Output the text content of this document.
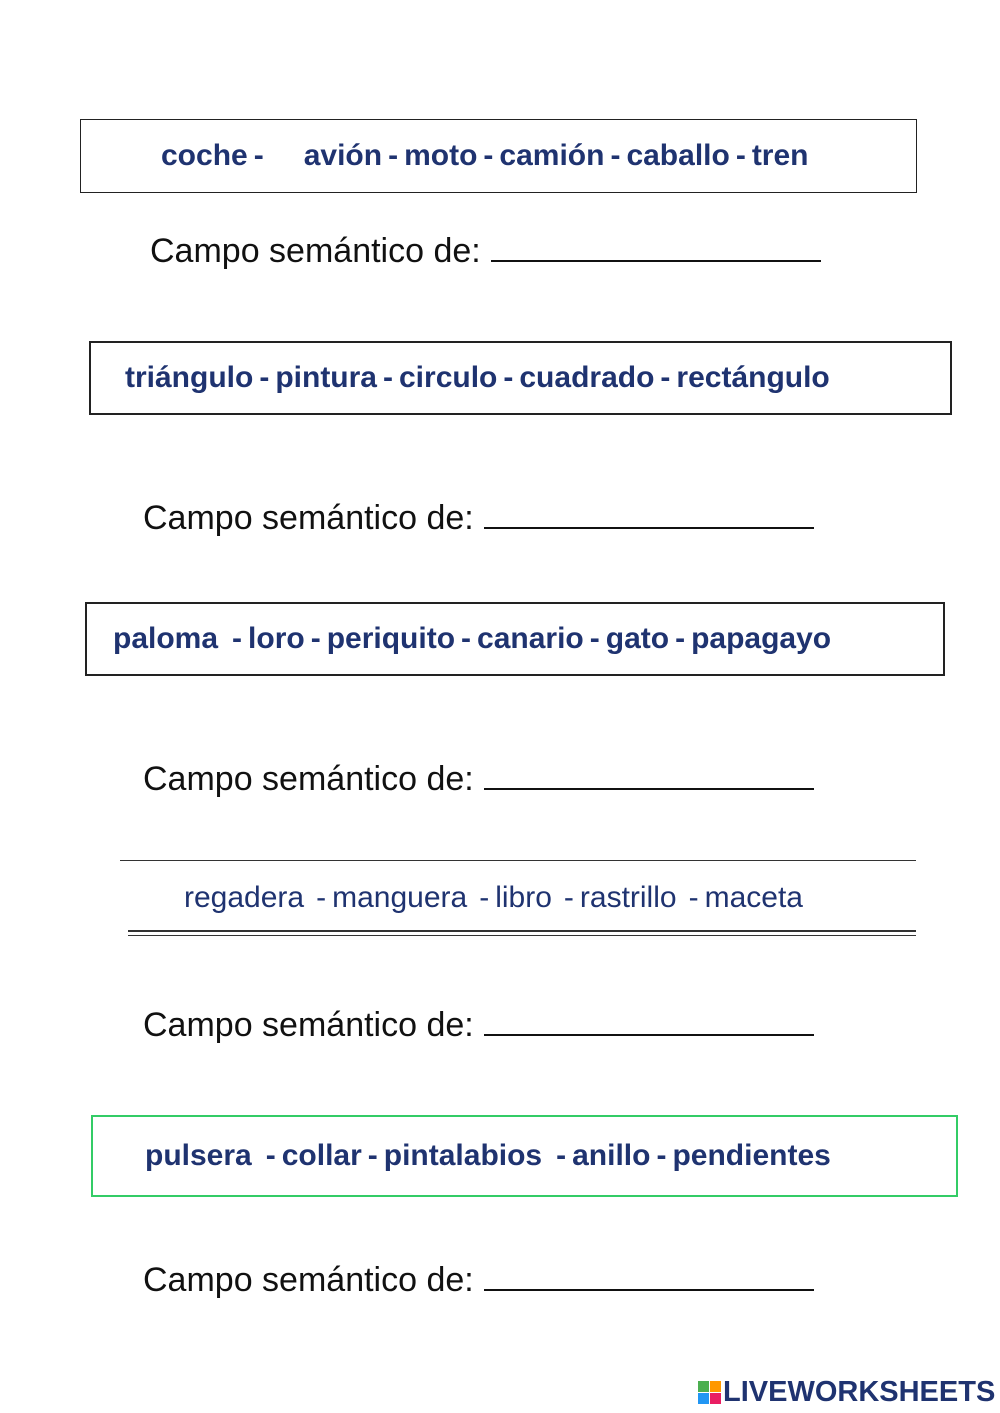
coche - avión - moto - camión - caballo - tren
Campo semántico de:
triángulo - pintura - circulo - cuadrado - rectángulo
Campo semántico de:
paloma - loro - periquito - canario - gato - papagayo
Campo semántico de:
regadera - manguera - libro - rastrillo - maceta
Campo semántico de:
pulsera - collar - pintalabios - anillo - pendientes
Campo semántico de:
LIVEWORKSHEETS
